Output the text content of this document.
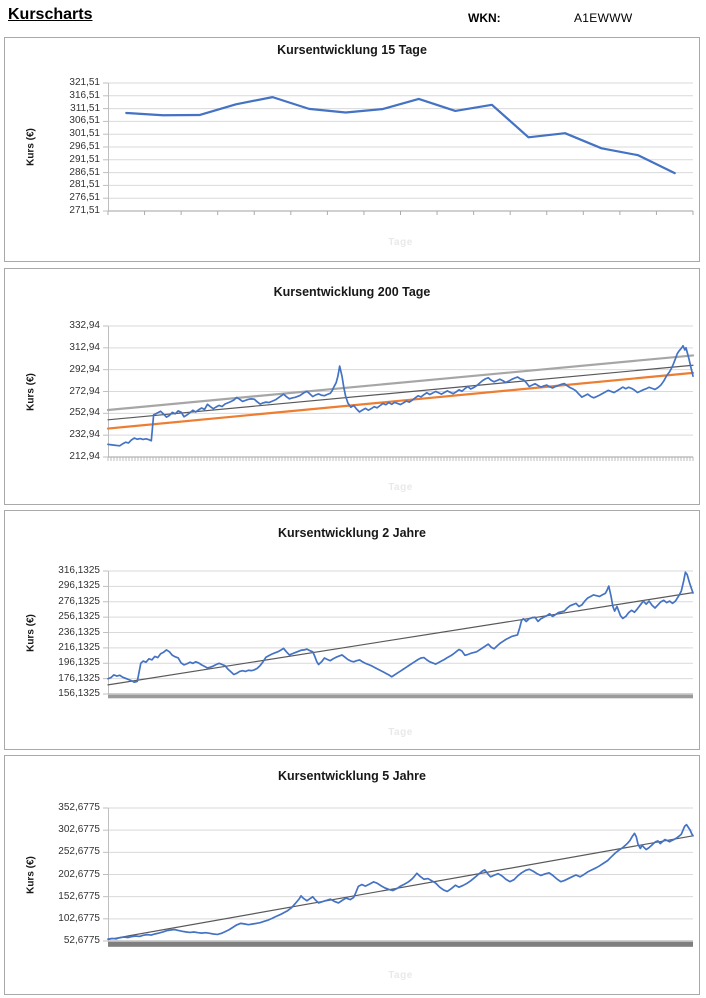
Kurscharts	WKN:	A1EWWW
Kursentwicklung 15 Tage
Kurs (€)
321,51
316,51
311,51
306,51
301,51
296,51
291,51
286,51
281,51
276,51
271,51
Tage
Kursentwicklung 200 Tage
Kurs (€)
332,94
312,94
292,94
272,94
252,94
232,94
212,94
Tage
Kursentwicklung 2 Jahre
Kurs (€)
316,1325
296,1325
276,1325
256,1325
236,1325
216,1325
196,1325
176,1325
156,1325
Tage
Kursentwicklung 5 Jahre
Kurs (€)
352,6775
302,6775
252,6775
202,6775
152,6775
102,6775
52,6775
Tage
